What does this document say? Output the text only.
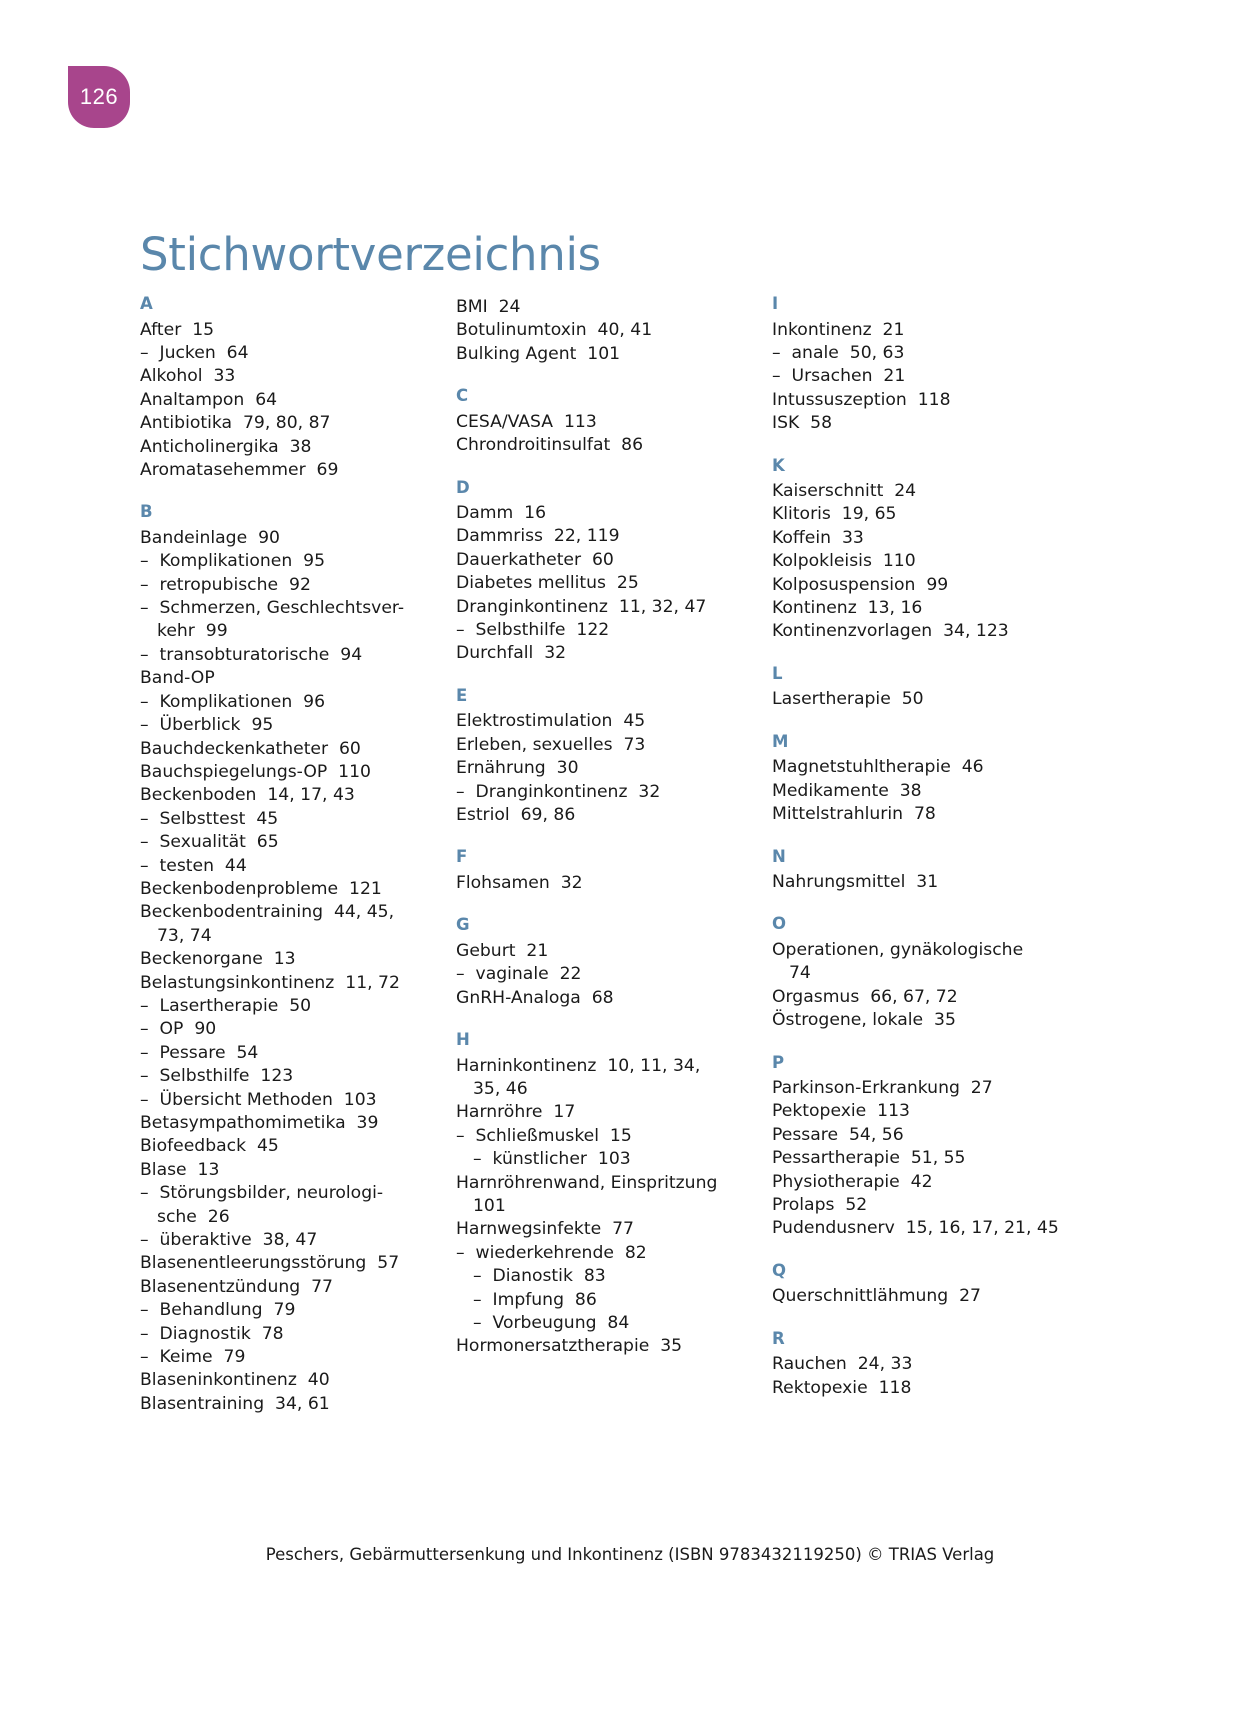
126
Stichwortverzeichnis
A
After  15
–  Jucken  64
Alkohol  33
Analtampon  64
Antibiotika  79, 80, 87
Anticholinergika  38
Aromatasehemmer  69
B
Bandeinlage  90
–  Komplikationen  95
–  retropubische  92
–  Schmerzen, Geschlechtsver-
kehr  99
–  transobturatorische  94
Band-OP
–  Komplikationen  96
–  Überblick  95
Bauchdeckenkatheter  60
Bauchspiegelungs-OP  110
Beckenboden  14, 17, 43
–  Selbsttest  45
–  Sexualität  65
–  testen  44
Beckenbodenprobleme  121
Beckenbodentraining  44, 45,
73, 74
Beckenorgane  13
Belastungsinkontinenz  11, 72
–  Lasertherapie  50
–  OP  90
–  Pessare  54
–  Selbsthilfe  123
–  Übersicht Methoden  103
Betasympathomimetika  39
Biofeedback  45
Blase  13
–  Störungsbilder, neurologi-
sche  26
–  überaktive  38, 47
Blasenentleerungsstörung  57
Blasenentzündung  77
–  Behandlung  79
–  Diagnostik  78
–  Keime  79
Blaseninkontinenz  40
Blasentraining  34, 61
BMI  24
Botulinumtoxin  40, 41
Bulking Agent  101
C
CESA/VASA  113
Chrondroitinsulfat  86
D
Damm  16
Dammriss  22, 119
Dauerkatheter  60
Diabetes mellitus  25
Dranginkontinenz  11, 32, 47
–  Selbsthilfe  122
Durchfall  32
E
Elektrostimulation  45
Erleben, sexuelles  73
Ernährung  30
–  Dranginkontinenz  32
Estriol  69, 86
F
Flohsamen  32
G
Geburt  21
–  vaginale  22
GnRH-Analoga  68
H
Harninkontinenz  10, 11, 34,
35, 46
Harnröhre  17
–  Schließmuskel  15
–  künstlicher  103
Harnröhrenwand, Einspritzung
101
Harnwegsinfekte  77
–  wiederkehrende  82
–  Dianostik  83
–  Impfung  86
–  Vorbeugung  84
Hormonersatztherapie  35
I
Inkontinenz  21
–  anale  50, 63
–  Ursachen  21
Intussuszeption  118
ISK  58
K
Kaiserschnitt  24
Klitoris  19, 65
Koffein  33
Kolpokleisis  110
Kolposuspension  99
Kontinenz  13, 16
Kontinenzvorlagen  34, 123
L
Lasertherapie  50
M
Magnetstuhltherapie  46
Medikamente  38
Mittelstrahlurin  78
N
Nahrungsmittel  31
O
Operationen, gynäkologische
74
Orgasmus  66, 67, 72
Östrogene, lokale  35
P
Parkinson-Erkrankung  27
Pektopexie  113
Pessare  54, 56
Pessartherapie  51, 55
Physiotherapie  42
Prolaps  52
Pudendusnerv  15, 16, 17, 21, 45
Q
Querschnittlähmung  27
R
Rauchen  24, 33
Rektopexie  118
Peschers, Gebärmuttersenkung und Inkontinenz (ISBN 9783432119250) © TRIAS Verlag
